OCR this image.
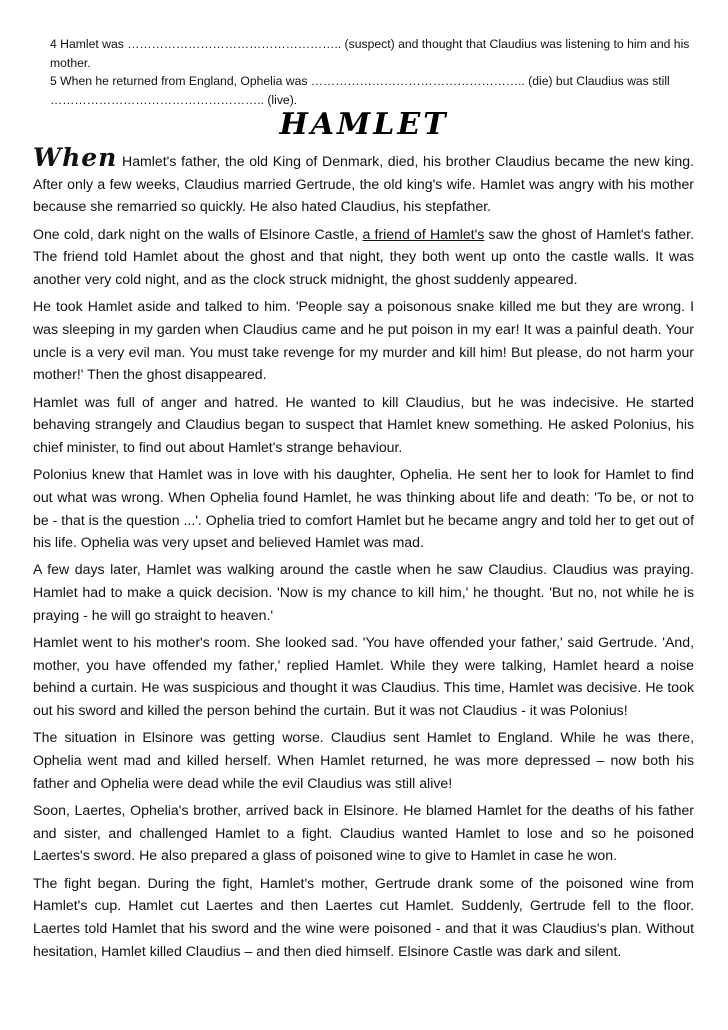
4 Hamlet was …………………………………………….. (suspect) and thought that Claudius was listening to him and his mother.

5 When he returned from England, Ophelia was …………………………………………….. (die) but Claudius was still …………………………………………….. (live).

HAMLET

When Hamlet's father, the old King of Denmark, died, his brother Claudius became the new king. After only a few weeks, Claudius married Gertrude, the old king's wife. Hamlet was angry with his mother because she remarried so quickly. He also hated Claudius, his stepfather.

One cold, dark night on the walls of Elsinore Castle, a friend of Hamlet's saw the ghost of Hamlet's father. The friend told Hamlet about the ghost and that night, they both went up onto the castle walls. It was another very cold night, and as the clock struck midnight, the ghost suddenly appeared.

He took Hamlet aside and talked to him. 'People say a poisonous snake killed me but they are wrong. I was sleeping in my garden when Claudius came and he put poison in my ear! It was a painful death. Your uncle is a very evil man. You must take revenge for my murder and kill him! But please, do not harm your mother!' Then the ghost disappeared.

Hamlet was full of anger and hatred. He wanted to kill Claudius, but he was indecisive. He started behaving strangely and Claudius began to suspect that Hamlet knew something. He asked Polonius, his chief minister, to find out about Hamlet's strange behaviour.

Polonius knew that Hamlet was in love with his daughter, Ophelia. He sent her to look for Hamlet to find out what was wrong. When Ophelia found Hamlet, he was thinking about life and death: 'To be, or not to be - that is the question ...'. Ophelia tried to comfort Hamlet but he became angry and told her to get out of his life. Ophelia was very upset and believed Hamlet was mad.

A few days later, Hamlet was walking around the castle when he saw Claudius. Claudius was praying. Hamlet had to make a quick decision. 'Now is my chance to kill him,' he thought. 'But no, not while he is praying - he will go straight to heaven.'

Hamlet went to his mother's room. She looked sad. 'You have offended your father,' said Gertrude. 'And, mother, you have offended my father,' replied Hamlet. While they were talking, Hamlet heard a noise behind a curtain. He was suspicious and thought it was Claudius. This time, Hamlet was decisive. He took out his sword and killed the person behind the curtain. But it was not Claudius - it was Polonius!

The situation in Elsinore was getting worse. Claudius sent Hamlet to England. While he was there, Ophelia went mad and killed herself. When Hamlet returned, he was more depressed – now both his father and Ophelia were dead while the evil Claudius was still alive!

Soon, Laertes, Ophelia's brother, arrived back in Elsinore. He blamed Hamlet for the deaths of his father and sister, and challenged Hamlet to a fight. Claudius wanted Hamlet to lose and so he poisoned Laertes's sword. He also prepared a glass of poisoned wine to give to Hamlet in case he won.

The fight began. During the fight, Hamlet's mother, Gertrude drank some of the poisoned wine from Hamlet's cup. Hamlet cut Laertes and then Laertes cut Hamlet. Suddenly, Gertrude fell to the floor. Laertes told Hamlet that his sword and the wine were poisoned - and that it was Claudius's plan. Without hesitation, Hamlet killed Claudius – and then died himself. Elsinore Castle was dark and silent.
